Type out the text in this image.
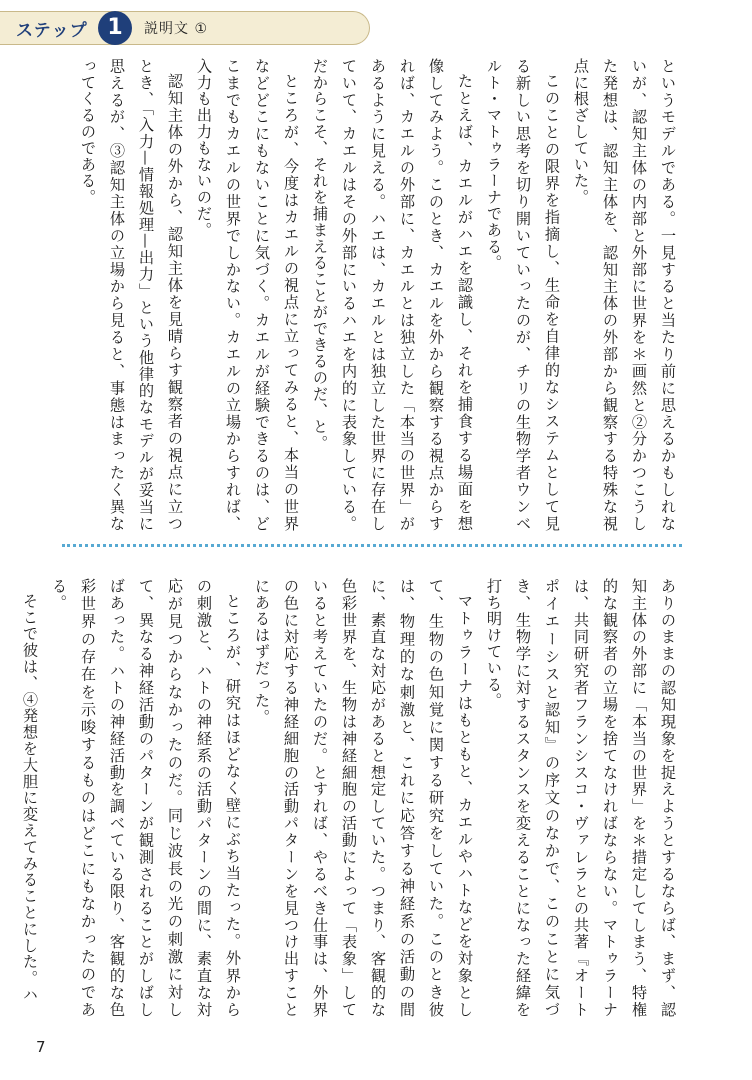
ステップ 1	説明文 ①

というモデルである。一見すると当たり前に思えるかもしれないが、認知主体の内部と外部に世界を＊画然と②分かつこうした発想は、認知主体を、認知主体の外部から観察する特殊な視点に根ざしていた。

このことの限界を指摘し、生命を自律的なシステムとして見る新しい思考を切り開いていったのが、チリの生物学者ウンベルト・マトゥラーナである。

たとえば、カエルがハエを認識し、それを捕食する場面を想像してみよう。このとき、カエルを外から観察する視点からすれば、カエルの外部に、カエルとは独立した「本当の世界」があるように見える。ハエは、カエルとは独立した世界に存在していて、カエルはその外部にいるハエを内的に表象している。だからこそ、それを捕まえることができるのだ、と。

ところが、今度はカエルの視点に立ってみると、本当の世界などどこにもないことに気づく。カエルが経験できるのは、どこまでもカエルの世界でしかない。カエルの立場からすれば、入力も出力もないのだ。

認知主体の外から、認知主体を見晴らす観察者の視点に立つとき、「入力—情報処理—出力」という他律的なモデルが妥当に思えるが、③認知主体の立場から見ると、事態はまったく異なってくるのである。

ありのままの認知現象を捉えようとするならば、まず、認知主体の外部に「本当の世界」を＊措定してしまう、特権的な観察者の立場を捨てなければならない。マトゥラーナは、共同研究者フランシスコ・ヴァレラとの共著『オートポイエーシスと認知』の序文のなかで、このことに気づき、生物学に対するスタンスを変えることになった経緯を打ち明けている。

マトゥラーナはもともと、カエルやハトなどを対象として、生物の色知覚に関する研究をしていた。このとき彼は、物理的な刺激と、これに応答する神経系の活動の間に、素直な対応があると想定していた。つまり、客観的な色彩世界を、生物は神経細胞の活動によって「表象」していると考えていたのだ。とすれば、やるべき仕事は、外界の色に対応する神経細胞の活動パターンを見つけ出すことにあるはずだった。

ところが、研究はほどなく壁にぶち当たった。外界からの刺激と、ハトの神経系の活動パターンの間に、素直な対応が見つからなかったのだ。同じ波長の光の刺激に対して、異なる神経活動のパターンが観測されることがしばしばあった。ハトの神経活動を調べている限り、客観的な色彩世界の存在を示唆するものはどこにもなかったのである。

そこで彼は、④発想を大胆に変えてみることにした。ハ

7
